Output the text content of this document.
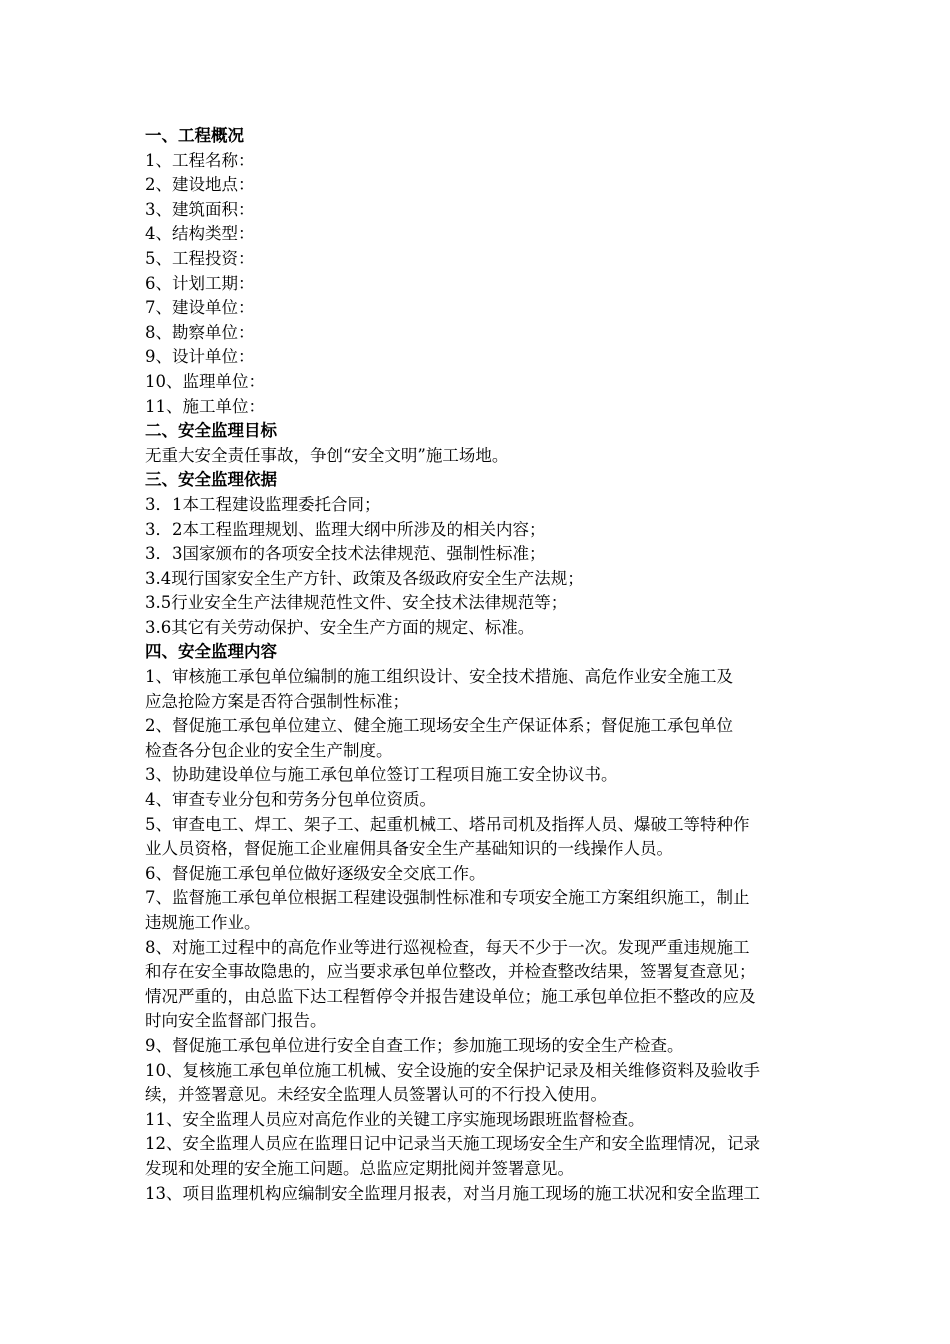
一、工程概况
1、工程名称：
2、建设地点：
3、建筑面积：
4、结构类型：
5、工程投资：
6、计划工期：
7、建设单位：
8、勘察单位：
9、设计单位：
10、监理单位：
11、施工单位：
二、安全监理目标
无重大安全责任事故，争创“安全文明”施工场地。
三、安全监理依据
3．1本工程建设监理委托合同；
3．2本工程监理规划、监理大纲中所涉及的相关内容；
3．3国家颁布的各项安全技术法律规范、强制性标准；
3.4现行国家安全生产方针、政策及各级政府安全生产法规；
3.5行业安全生产法律规范性文件、安全技术法律规范等；
3.6其它有关劳动保护、安全生产方面的规定、标准。
四、安全监理内容
1、审核施工承包单位编制的施工组织设计、安全技术措施、高危作业安全施工及
应急抢险方案是否符合强制性标准；
2、督促施工承包单位建立、健全施工现场安全生产保证体系；督促施工承包单位
检查各分包企业的安全生产制度。
3、协助建设单位与施工承包单位签订工程项目施工安全协议书。
4、审查专业分包和劳务分包单位资质。
5、审查电工、焊工、架子工、起重机械工、塔吊司机及指挥人员、爆破工等特种作
业人员资格，督促施工企业雇佣具备安全生产基础知识的一线操作人员。
6、督促施工承包单位做好逐级安全交底工作。
7、监督施工承包单位根据工程建设强制性标准和专项安全施工方案组织施工，制止
违规施工作业。
8、对施工过程中的高危作业等进行巡视检查，每天不少于一次。发现严重违规施工
和存在安全事故隐患的，应当要求承包单位整改，并检查整改结果，签署复查意见；
情况严重的，由总监下达工程暂停令并报告建设单位；施工承包单位拒不整改的应及
时向安全监督部门报告。
9、督促施工承包单位进行安全自查工作；参加施工现场的安全生产检查。
10、复核施工承包单位施工机械、安全设施的安全保护记录及相关维修资料及验收手
续，并签署意见。未经安全监理人员签署认可的不行投入使用。
11、安全监理人员应对高危作业的关键工序实施现场跟班监督检查。
12、安全监理人员应在监理日记中记录当天施工现场安全生产和安全监理情况，记录
发现和处理的安全施工问题。总监应定期批阅并签署意见。
13、项目监理机构应编制安全监理月报表，对当月施工现场的施工状况和安全监理工
